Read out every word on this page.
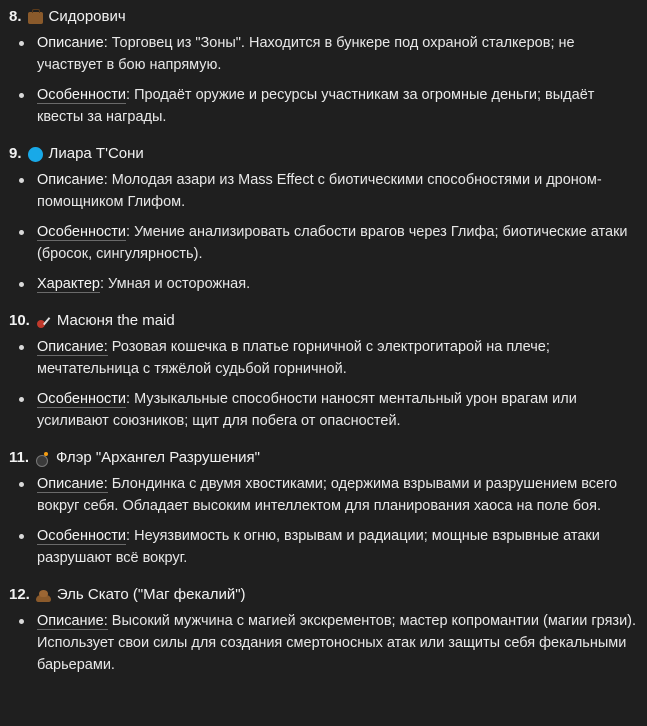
8. Сидорович
Описание: Торговец из "Зоны". Находится в бункере под охраной сталкеров; не участвует в бою напрямую.
Особенности: Продаёт оружие и ресурсы участникам за огромные деньги; выдаёт квесты за награды.
9. Лиара Т'Сони
Описание: Молодая азари из Mass Effect с биотическими способностями и дроном-помощником Глифом.
Особенности: Умение анализировать слабости врагов через Глифа; биотические атаки (бросок, сингулярность).
Характер: Умная и осторожная.
10. Масюня the maid
Описание: Розовая кошечка в платье горничной с электрогитарой на плече; мечтательница с тяжёлой судьбой горничной.
Особенности: Музыкальные способности наносят ментальный урон врагам или усиливают союзников; щит для побега от опасностей.
11. Флэр "Архангел Разрушения"
Описание: Блондинка с двумя хвостиками; одержима взрывами и разрушением всего вокруг себя. Обладает высоким интеллектом для планирования хаоса на поле боя.
Особенности: Неуязвимость к огню, взрывам и радиации; мощные взрывные атаки разрушают всё вокруг.
12. Эль Скато ("Маг фекалий")
Описание: Высокий мужчина с магией экскрементов; мастер копромантии (магии грязи). Использует свои силы для создания смертоносных атак или защиты себя фекальными барьерами.
